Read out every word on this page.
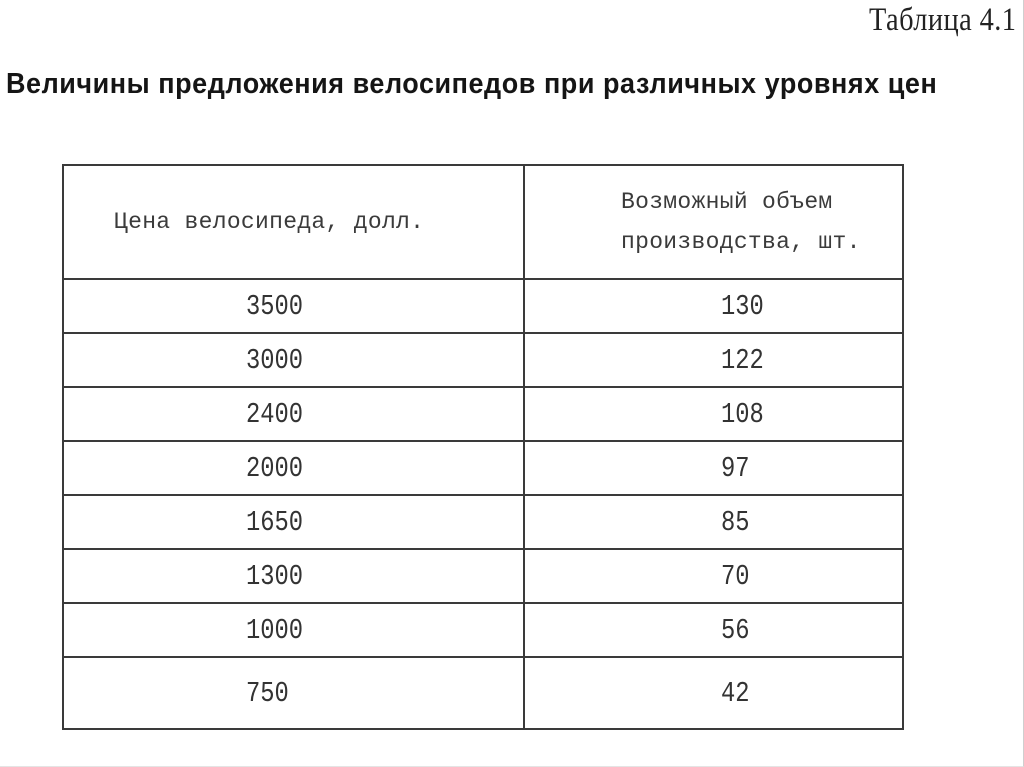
Таблица 4.1
Величины предложения велосипедов при различных уровнях цен
Цена велосипеда, долл.	Возможный объем
производства, шт.

3500	130
3000	122
2400	108
2000	97
1650	85
1300	70
1000	56
750	42
